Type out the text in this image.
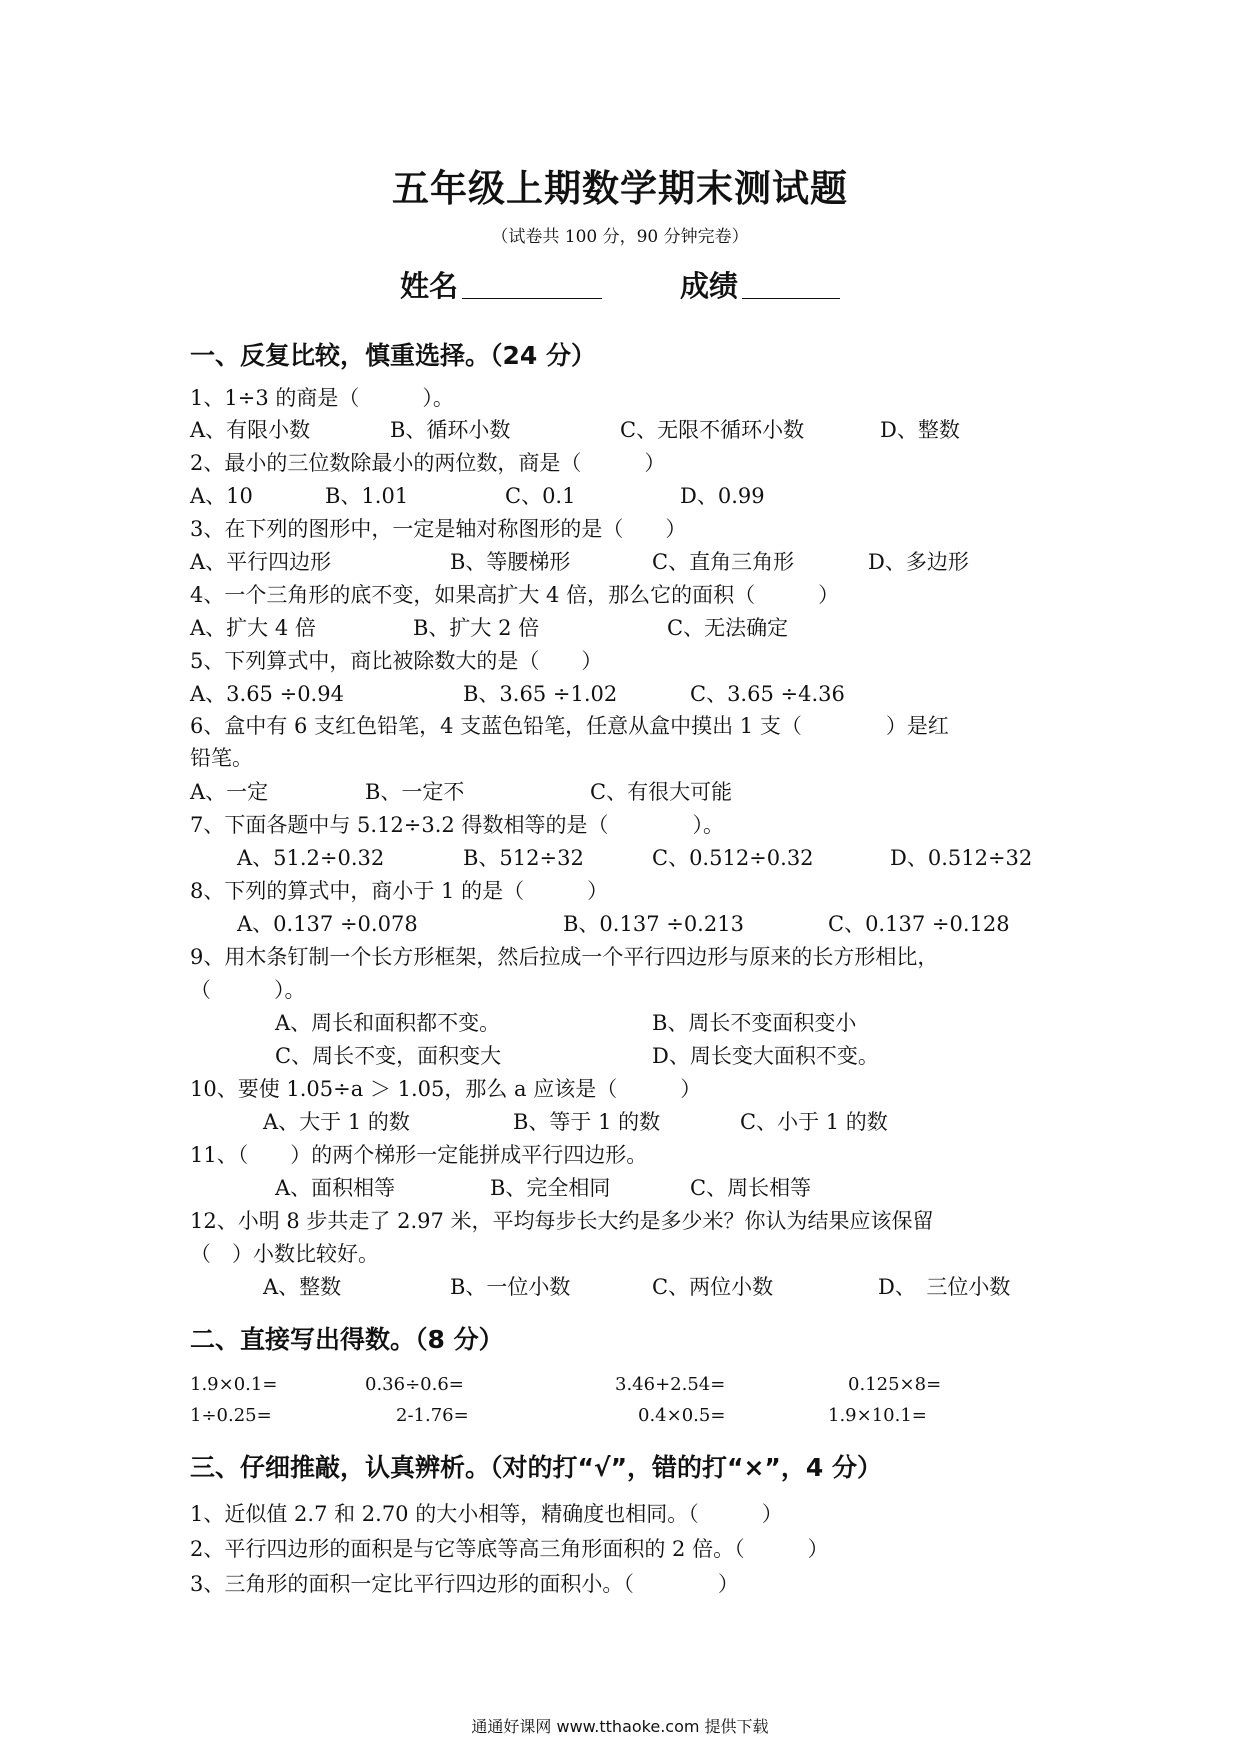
五年级上期数学期末测试题
（试卷共 100 分，90 分钟完卷）
姓名	成绩
一、反复比较，慎重选择。（24 分）
1、1÷3 的商是（　　　）。
A、有限小数	B、循环小数	C、无限不循环小数	D、整数
2、最小的三位数除最小的两位数，商是（　　　）
A、10	B、1.01	C、0.1	D、0.99
3、在下列的图形中，一定是轴对称图形的是（　　）
A、平行四边形	B、等腰梯形	C、直角三角形	D、多边形
4、一个三角形的底不变，如果高扩大 4 倍，那么它的面积（　　　）
A、扩大 4 倍	B、扩大 2 倍	C、无法确定
5、下列算式中，商比被除数大的是（　　）
A、3.65 ÷0.94	B、3.65 ÷1.02	C、3.65 ÷4.36
6、盒中有 6 支红色铅笔，4 支蓝色铅笔，任意从盒中摸出 1 支（　　　　）是红
铅笔。
A、一定	B、一定不	C、有很大可能
7、下面各题中与 5.12÷3.2 得数相等的是（　　　　）。
A、51.2÷0.32	B、512÷32	C、0.512÷0.32	D、0.512÷32
8、下列的算式中，商小于 1 的是（　　　）
A、0.137 ÷0.078	B、0.137 ÷0.213	C、0.137 ÷0.128
9、用木条钉制一个长方形框架，然后拉成一个平行四边形与原来的长方形相比，
（　　　）。
A、周长和面积都不变。	B、周长不变面积变小
C、周长不变，面积变大	D、周长变大面积不变。
10、要使 1.05÷a ＞ 1.05，那么 a 应该是（　　　）
A、大于 1 的数	B、等于 1 的数	C、小于 1 的数
11、（　　）的两个梯形一定能拼成平行四边形。
A、面积相等	B、完全相同	C、周长相等
12、小明 8 步共走了 2.97 米，平均每步长大约是多少米？你认为结果应该保留
（　）小数比较好。
A、整数	B、一位小数	C、两位小数	D、　三位小数
二、直接写出得数。（8 分）
1.9×0.1=	0.36÷0.6=	3.46+2.54=	0.125×8=
1÷0.25=	2-1.76=	0.4×0.5=	1.9×10.1=
三、仔细推敲，认真辨析。（对的打“√”，错的打“×”，4 分）
1、近似值 2.7 和 2.70 的大小相等，精确度也相同。（　　　）
2、平行四边形的面积是与它等底等高三角形面积的 2 倍。（　　　）
3、三角形的面积一定比平行四边形的面积小。（　　　　）
通通好课网 www.tthaoke.com 提供下载
